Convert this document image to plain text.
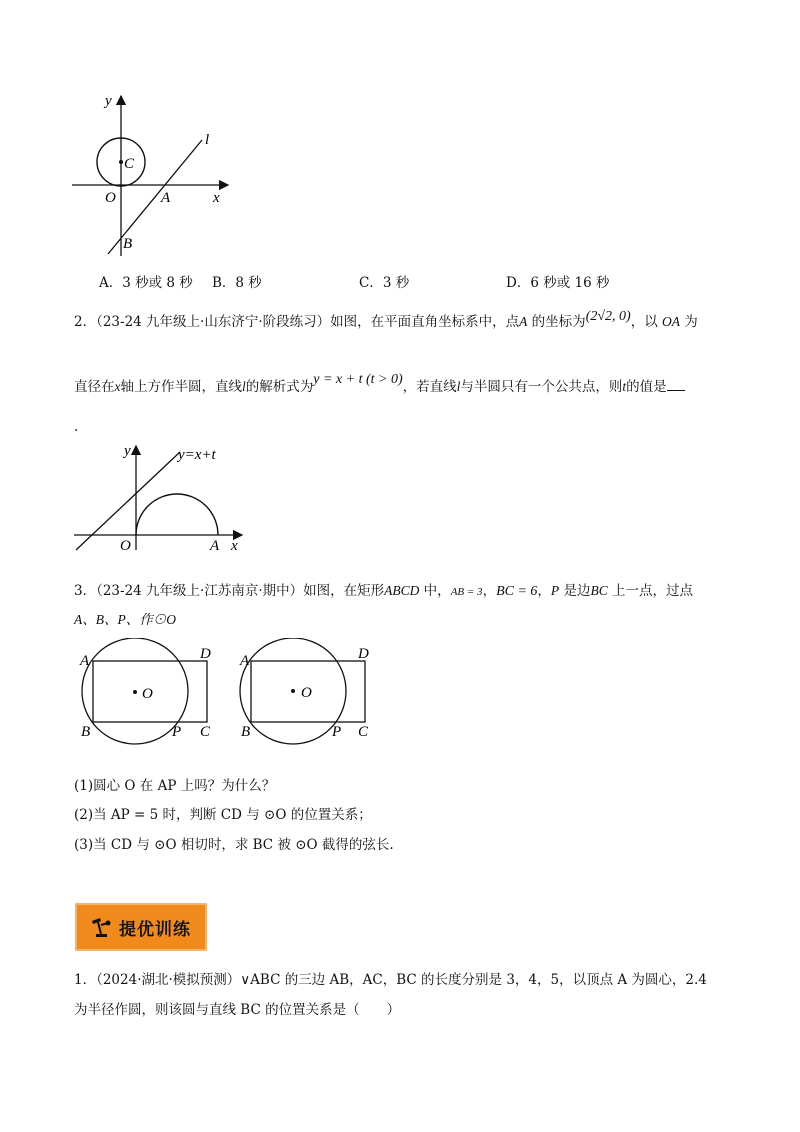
y
x
O	A
B
C
l
A．3 秒或 8 秒 B．8 秒	C．3 秒	D．6 秒或 16 秒
2．（23-24 九年级上·山东济宁·阶段练习）如图，在平面直角坐标系中，点A 的坐标为(2√2, 0)，以 OA 为
直径在x轴上方作半圆，直线l的解析式为y = x + t (t > 0)，若直线l与半圆只有一个公共点，则t的值是
.
y
x
O	A
y=x+t
3．（23-24 九年级上·江苏南京·期中）如图，在矩形ABCD 中，AB = 3，BC = 6，P 是边BC 上一点，过点
A、B、P、作⊙O
A	D
B	P C
O
A	D
B	P C
O
(1)圆心 O 在 AP 上吗？为什么？
(2)当 AP = 5 时，判断 CD 与 ⊙O 的位置关系；
(3)当 CD 与 ⊙O 相切时，求 BC 被 ⊙O 截得的弦长.
提优训练
1．（2024·湖北·模拟预测）∨ABC 的三边 AB，AC，BC 的长度分别是 3，4，5，以顶点 A 为圆心，2.4
为半径作圆，则该圆与直线 BC 的位置关系是（　　）
